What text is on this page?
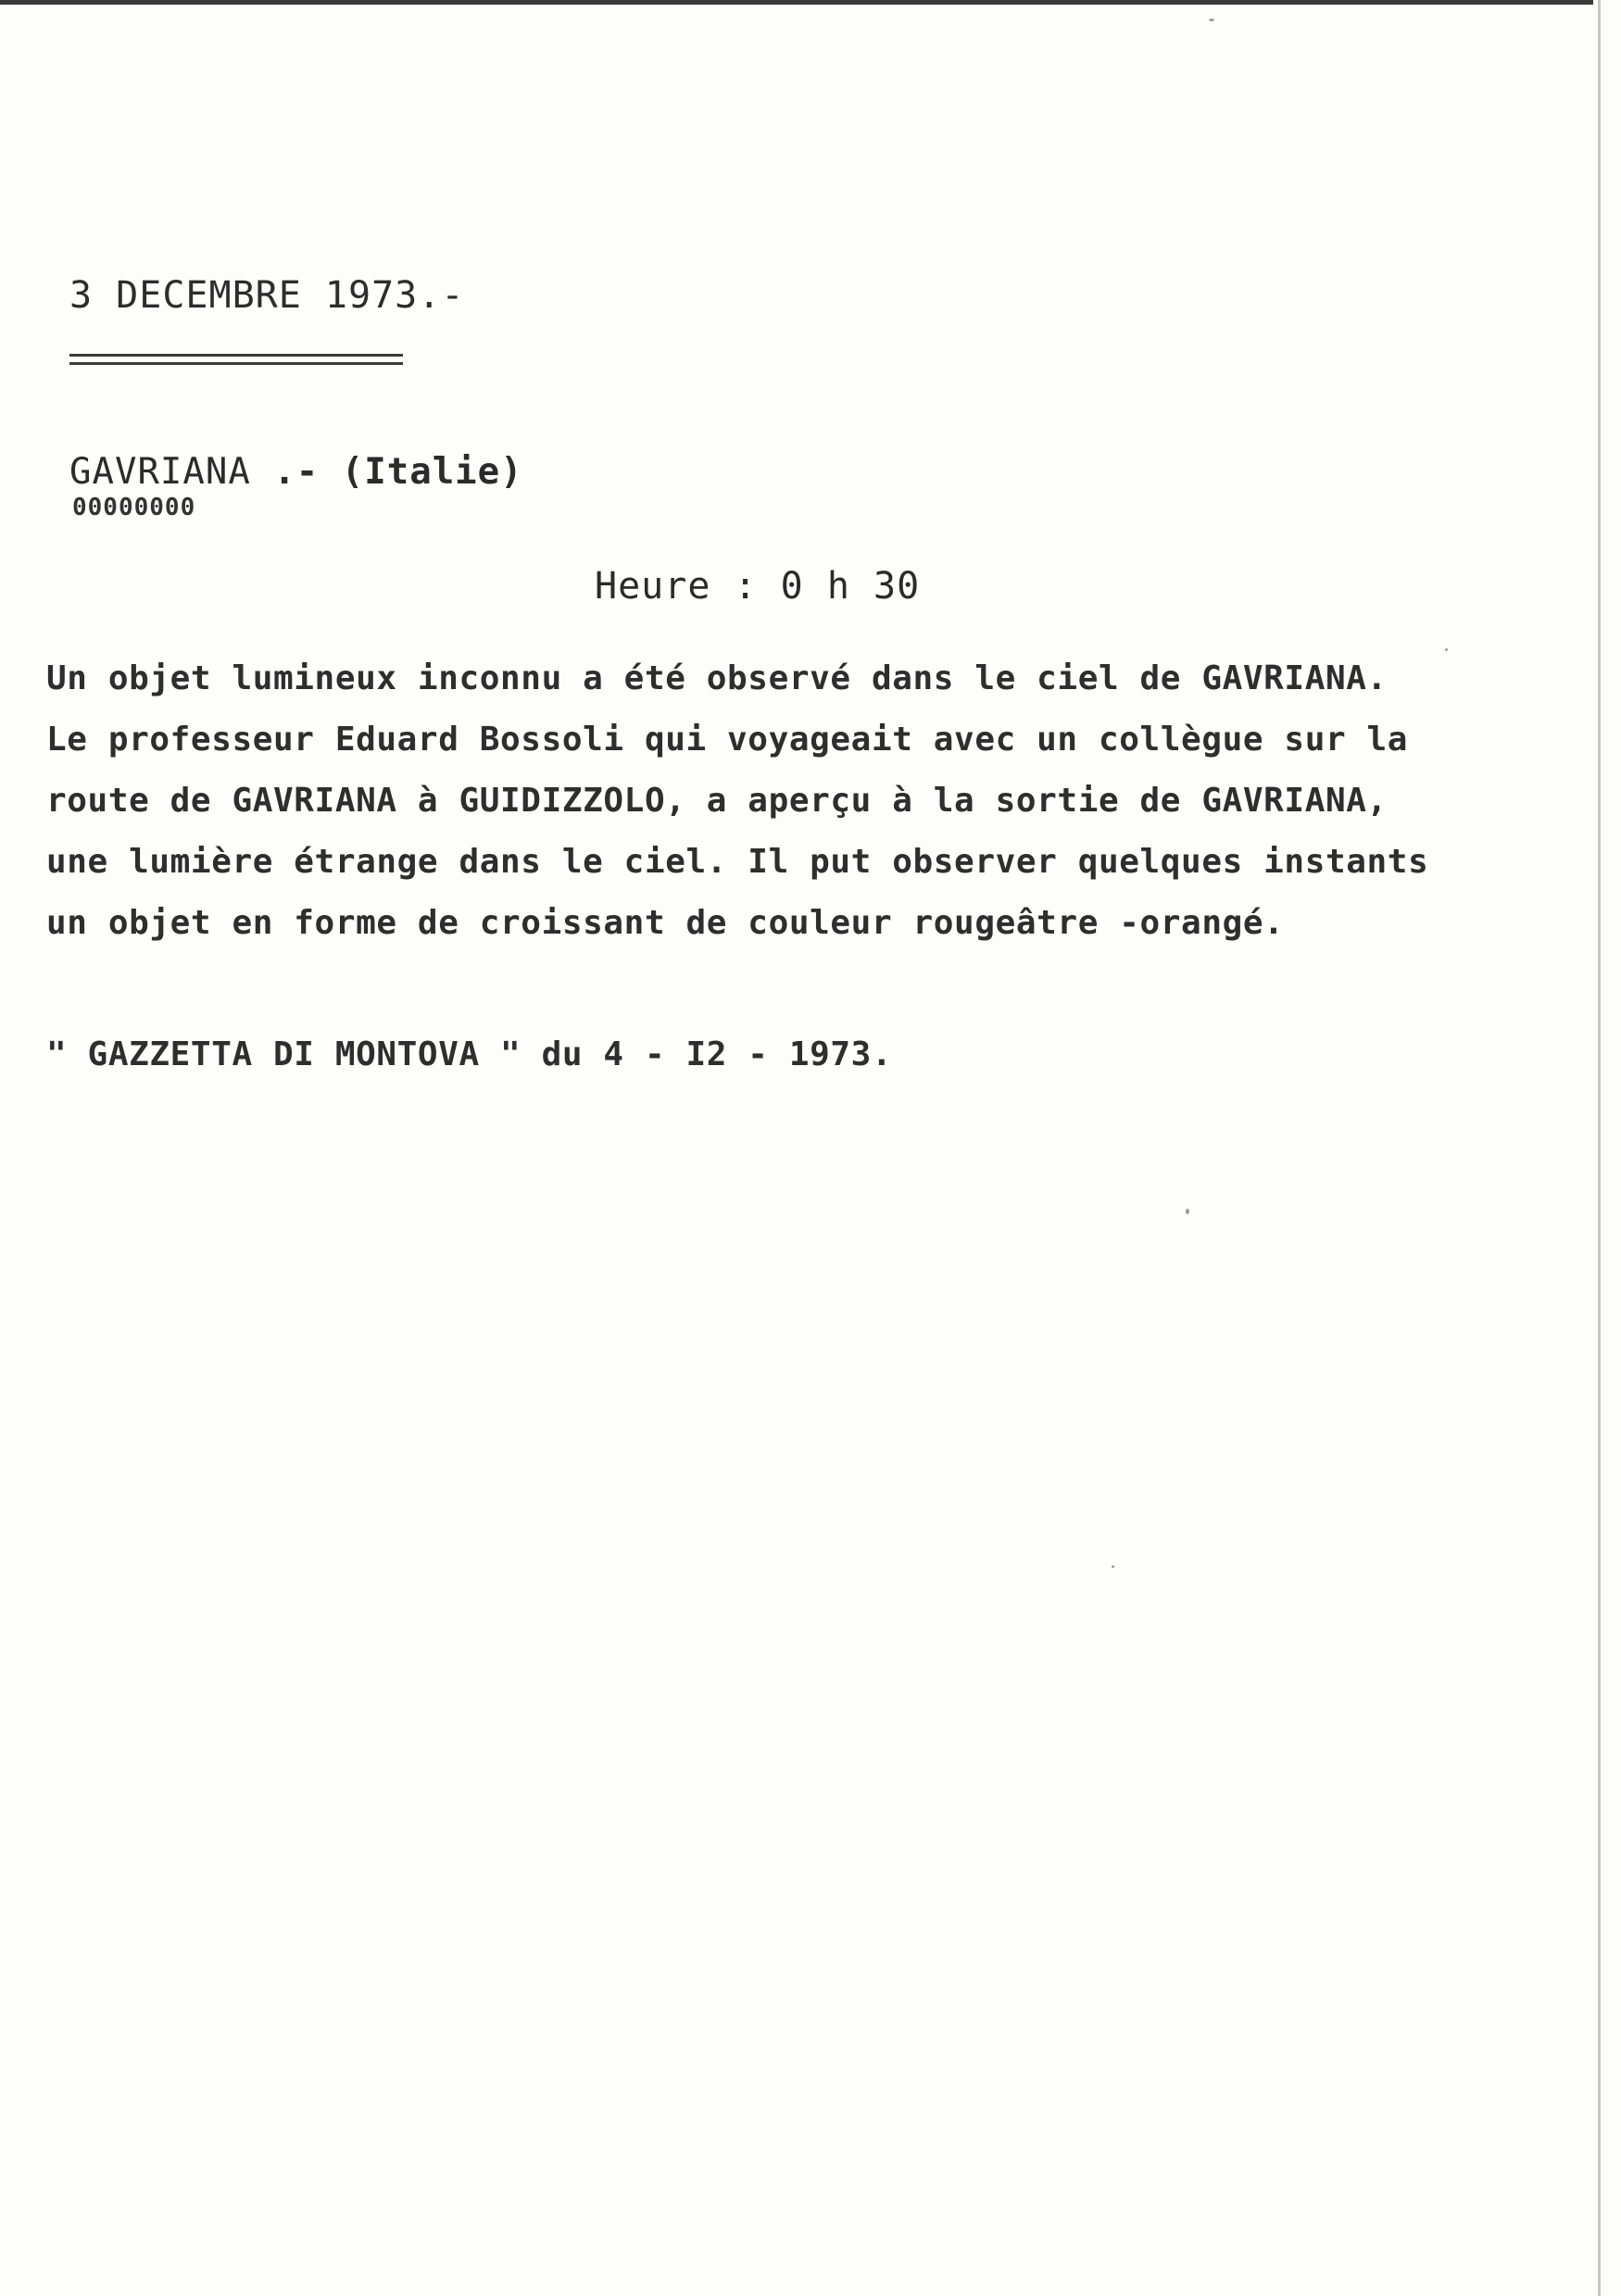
3 DECEMBRE 1973.-
GAVRIANA .- (Italie)
00000000
Heure : 0 h 30
Un objet lumineux inconnu a été observé dans le ciel de GAVRIANA.
Le professeur Eduard Bossoli qui voyageait avec un collègue sur la
route de GAVRIANA à GUIDIZZOLO, a aperçu à la sortie de GAVRIANA,
une lumière étrange dans le ciel. Il put observer quelques instants
un objet en forme de croissant de couleur rougeâtre -orangé.
" GAZZETTA DI MONTOVA " du 4 - I2 - 1973.
